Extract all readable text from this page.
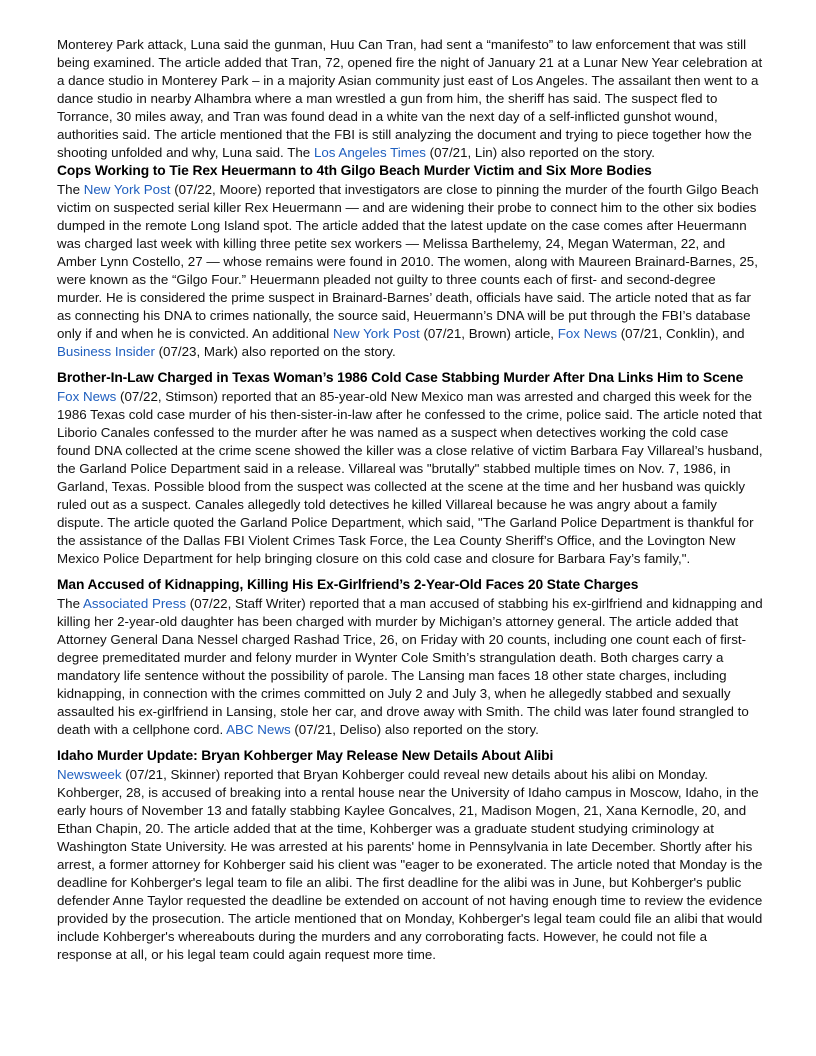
Monterey Park attack, Luna said the gunman, Huu Can Tran, had sent a “manifesto” to law enforcement that was still being examined. The article added that Tran, 72, opened fire the night of January 21 at a Lunar New Year celebration at a dance studio in Monterey Park – in a majority Asian community just east of Los Angeles. The assailant then went to a dance studio in nearby Alhambra where a man wrestled a gun from him, the sheriff has said. The suspect fled to Torrance, 30 miles away, and Tran was found dead in a white van the next day of a self-inflicted gunshot wound, authorities said. The article mentioned that the FBI is still analyzing the document and trying to piece together how the shooting unfolded and why, Luna said. The Los Angeles Times (07/21, Lin) also reported on the story.

Cops Working to Tie Rex Heuermann to 4th Gilgo Beach Murder Victim and Six More Bodies

The New York Post (07/22, Moore) reported that investigators are close to pinning the murder of the fourth Gilgo Beach victim on suspected serial killer Rex Heuermann — and are widening their probe to connect him to the other six bodies dumped in the remote Long Island spot. The article added that the latest update on the case comes after Heuermann was charged last week with killing three petite sex workers — Melissa Barthelemy, 24, Megan Waterman, 22, and Amber Lynn Costello, 27 — whose remains were found in 2010. The women, along with Maureen Brainard-Barnes, 25, were known as the “Gilgo Four.” Heuermann pleaded not guilty to three counts each of first- and second-degree murder. He is considered the prime suspect in Brainard-Barnes’ death, officials have said. The article noted that as far as connecting his DNA to crimes nationally, the source said, Heuermann’s DNA will be put through the FBI’s database only if and when he is convicted. An additional New York Post (07/21, Brown) article, Fox News (07/21, Conklin), and Business Insider (07/23, Mark) also reported on the story.

Brother-In-Law Charged in Texas Woman’s 1986 Cold Case Stabbing Murder After Dna Links Him to Scene

Fox News (07/22, Stimson) reported that an 85-year-old New Mexico man was arrested and charged this week for the 1986 Texas cold case murder of his then-sister-in-law after he confessed to the crime, police said. The article noted that Liborio Canales confessed to the murder after he was named as a suspect when detectives working the cold case found DNA collected at the crime scene showed the killer was a close relative of victim Barbara Fay Villareal’s husband, the Garland Police Department said in a release. Villareal was "brutally" stabbed multiple times on Nov. 7, 1986, in Garland, Texas. Possible blood from the suspect was collected at the scene at the time and her husband was quickly ruled out as a suspect. Canales allegedly told detectives he killed Villareal because he was angry about a family dispute. The article quoted the Garland Police Department, which said, "The Garland Police Department is thankful for the assistance of the Dallas FBI Violent Crimes Task Force, the Lea County Sheriff’s Office, and the Lovington New Mexico Police Department for help bringing closure on this cold case and closure for Barbara Fay’s family,".

Man Accused of Kidnapping, Killing His Ex-Girlfriend’s 2-Year-Old Faces 20 State Charges

The Associated Press (07/22, Staff Writer) reported that a man accused of stabbing his ex-girlfriend and kidnapping and killing her 2-year-old daughter has been charged with murder by Michigan’s attorney general. The article added that Attorney General Dana Nessel charged Rashad Trice, 26, on Friday with 20 counts, including one count each of first-degree premeditated murder and felony murder in Wynter Cole Smith’s strangulation death. Both charges carry a mandatory life sentence without the possibility of parole. The Lansing man faces 18 other state charges, including kidnapping, in connection with the crimes committed on July 2 and July 3, when he allegedly stabbed and sexually assaulted his ex-girlfriend in Lansing, stole her car, and drove away with Smith. The child was later found strangled to death with a cellphone cord. ABC News (07/21, Deliso) also reported on the story.

Idaho Murder Update: Bryan Kohberger May Release New Details About Alibi

Newsweek (07/21, Skinner) reported that Bryan Kohberger could reveal new details about his alibi on Monday. Kohberger, 28, is accused of breaking into a rental house near the University of Idaho campus in Moscow, Idaho, in the early hours of November 13 and fatally stabbing Kaylee Goncalves, 21, Madison Mogen, 21, Xana Kernodle, 20, and Ethan Chapin, 20. The article added that at the time, Kohberger was a graduate student studying criminology at Washington State University. He was arrested at his parents' home in Pennsylvania in late December. Shortly after his arrest, a former attorney for Kohberger said his client was "eager to be exonerated. The article noted that Monday is the deadline for Kohberger's legal team to file an alibi. The first deadline for the alibi was in June, but Kohberger's public defender Anne Taylor requested the deadline be extended on account of not having enough time to review the evidence provided by the prosecution. The article mentioned that on Monday, Kohberger's legal team could file an alibi that would include Kohberger's whereabouts during the murders and any corroborating facts. However, he could not file a response at all, or his legal team could again request more time.
